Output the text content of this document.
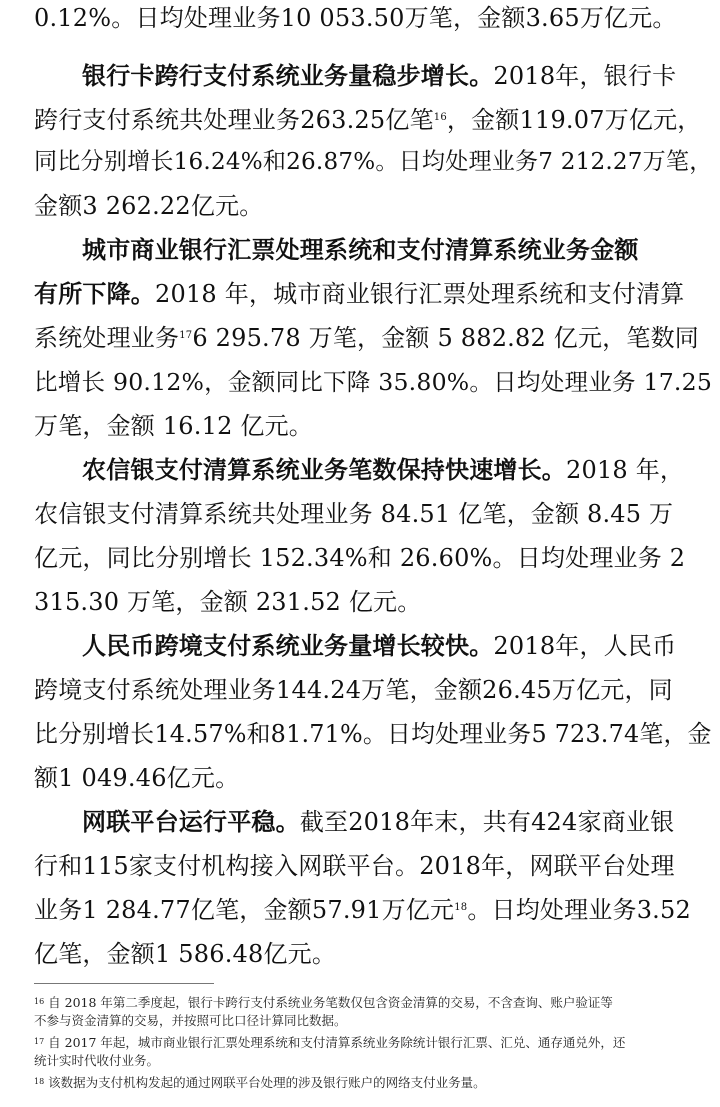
0.12%。日均处理业务10 053.50万笔，金额3.65万亿元。
银行卡跨行支付系统业务量稳步增长。2018年，银行卡
跨行支付系统共处理业务263.25亿笔$^{16}$，金额119.07万亿元，
同比分别增长16.24%和26.87%。日均处理业务7 212.27万笔，
金额3 262.22亿元。
城市商业银行汇票处理系统和支付清算系统业务金额
有所下降。2018 年，城市商业银行汇票处理系统和支付清算
系统处理业务$^{17}$6 295.78 万笔，金额 5 882.82 亿元，笔数同
比增长 90.12%，金额同比下降 35.80%。日均处理业务 17.25
万笔，金额 16.12 亿元。
农信银支付清算系统业务笔数保持快速增长。2018 年，
农信银支付清算系统共处理业务 84.51 亿笔，金额 8.45 万
亿元，同比分别增长 152.34%和 26.60%。日均处理业务 2
315.30 万笔，金额 231.52 亿元。
人民币跨境支付系统业务量增长较快。2018年，人民币
跨境支付系统处理业务144.24万笔，金额26.45万亿元，同
比分别增长14.57%和81.71%。日均处理业务5 723.74笔，金
额1 049.46亿元。
网联平台运行平稳。截至2018年末，共有424家商业银
行和115家支付机构接入网联平台。2018年，网联平台处理
业务1 284.77亿笔，金额57.91万亿元$^{18}$。日均处理业务3.52
亿笔，金额1 586.48亿元。
$^{16}$ 自 2018 年第二季度起，银行卡跨行支付系统业务笔数仅包含资金清算的交易，不含查询、账户验证等
不参与资金清算的交易，并按照可比口径计算同比数据。
$^{17}$ 自 2017 年起，城市商业银行汇票处理系统和支付清算系统业务除统计银行汇票、汇兑、通存通兑外，还
统计实时代收付业务。
$^{18}$ 该数据为支付机构发起的通过网联平台处理的涉及银行账户的网络支付业务量。
